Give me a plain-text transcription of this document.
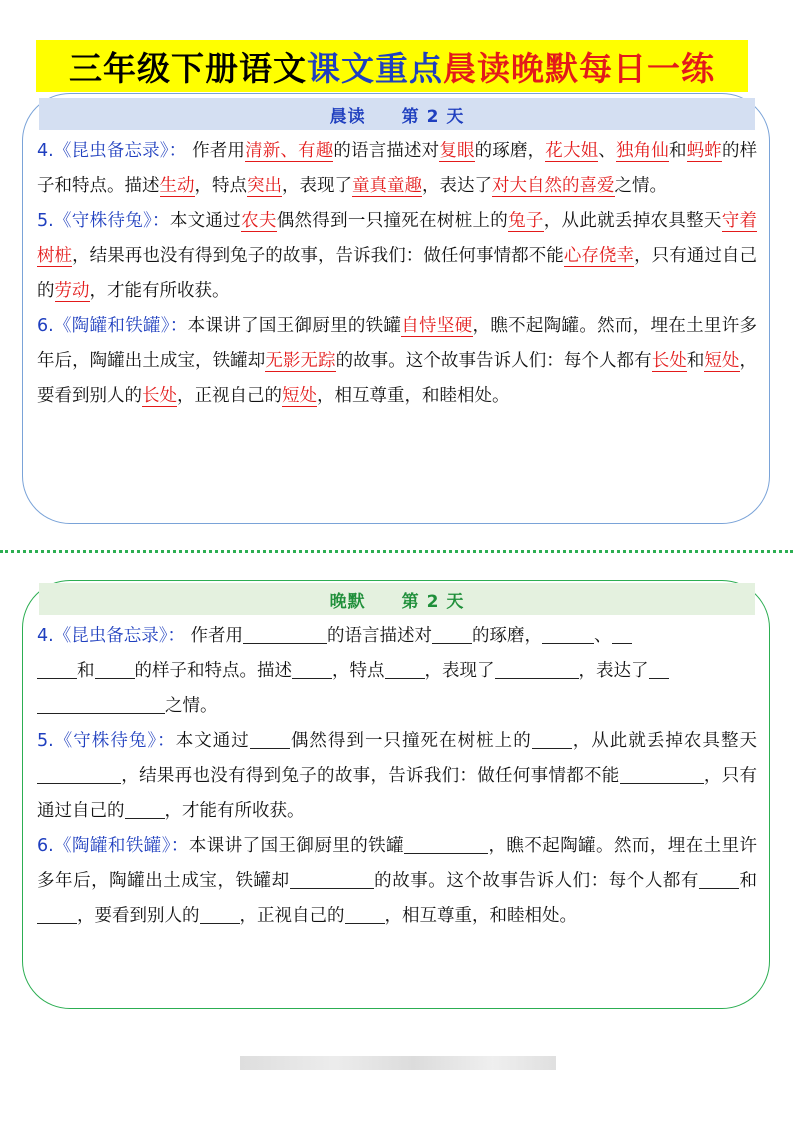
三年级下册语文 课文重点 晨读晚默每日一练
晨读 第 2 天

4.《昆虫备忘录》： 作者用清新、有趣的语言描述对复眼的琢磨，花大姐、独角仙和蚂蚱的样子和特点。描述生动，特点突出，表现了童真童趣，表达了对大自然的喜爱之情。

5.《守株待兔》：本文通过农夫偶然得到一只撞死在树桩上的兔子，从此就丢掉农具整天守着树桩，结果再也没有得到兔子的故事，告诉我们：做任何事情都不能心存侥幸，只有通过自己的劳动，才能有所收获。

6.《陶罐和铁罐》：本课讲了国王御厨里的铁罐自恃坚硬，瞧不起陶罐。然而，埋在土里许多年后，陶罐出土成宝，铁罐却无影无踪的故事。这个故事告诉人们：每个人都有长处和短处，要看到别人的长处，正视自己的短处，相互尊重，和睦相处。

晚默 第 2 天

4.《昆虫备忘录》： 作者用	的语言描述对 的琢磨，	、
和 的样子和特点。描述 ，特点 ，表现了	，表达了
之情。

5.《守株待兔》：本文通过 偶然得到一只撞死在树桩上的 ，从此就丢掉农具整天，结果再也没有得到兔子的故事，告诉我们：做任何事情都不能	，只有通过自己的 ，才能有所收获。

6.《陶罐和铁罐》：本课讲了国王御厨里的铁罐	，瞧不起陶罐。然而，埋在土里许多年后，陶罐出土成宝，铁罐却	的故事。这个故事告诉人们：每个人都有 和，要看到别人的 ，正视自己的 ，相互尊重，和睦相处。
